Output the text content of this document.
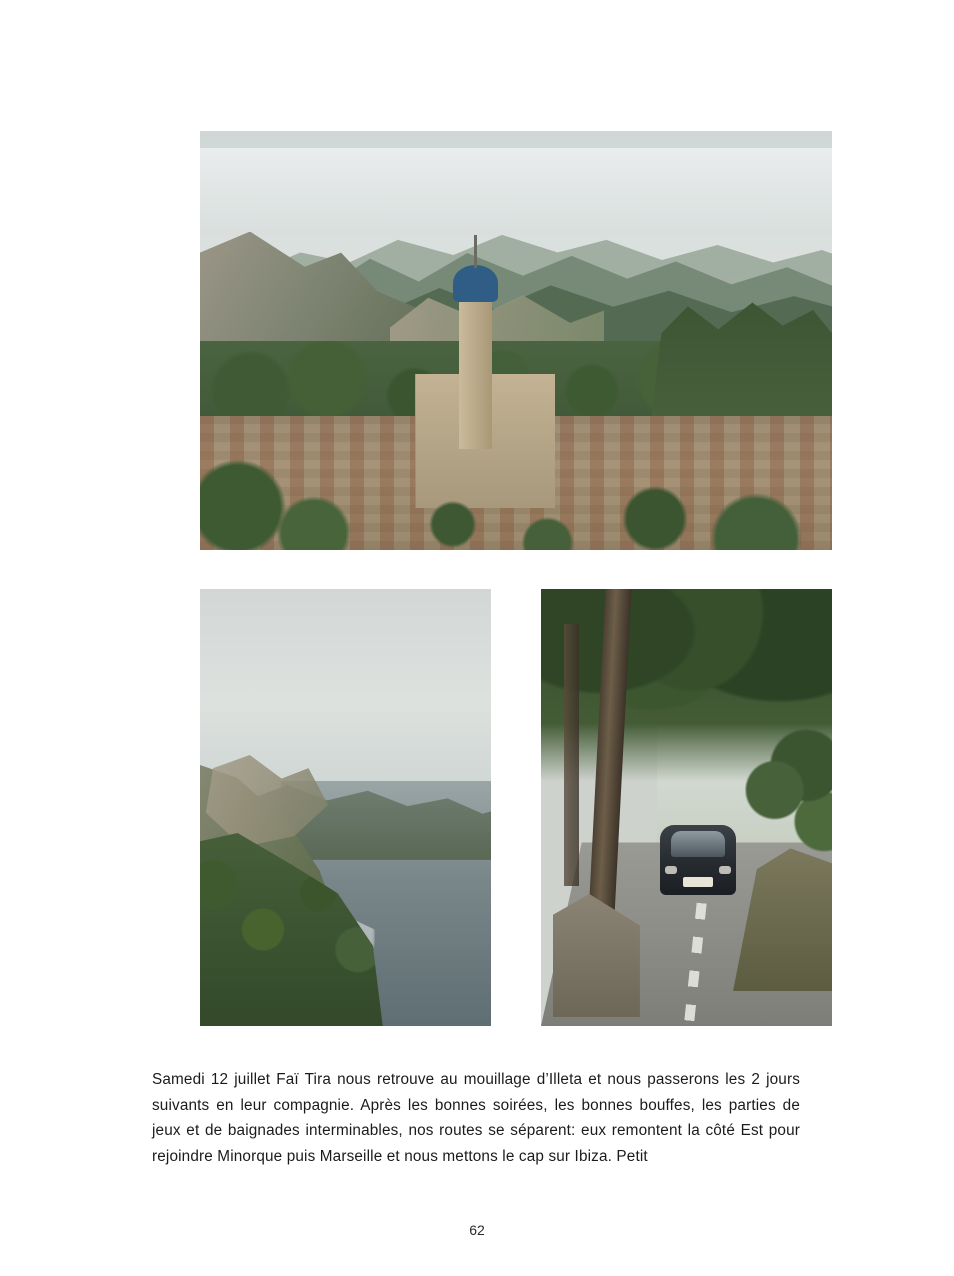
Samedi 12 juillet Faï Tira nous retrouve au mouillage d’Illeta et nous passerons les 2 jours suivants en leur compagnie. Après les bonnes soirées, les bonnes bouffes, les parties de jeux et de baignades interminables, nos routes se séparent: eux remontent la côté Est pour rejoindre Minorque puis Marseille et nous mettons le cap sur Ibiza. Petit

62
